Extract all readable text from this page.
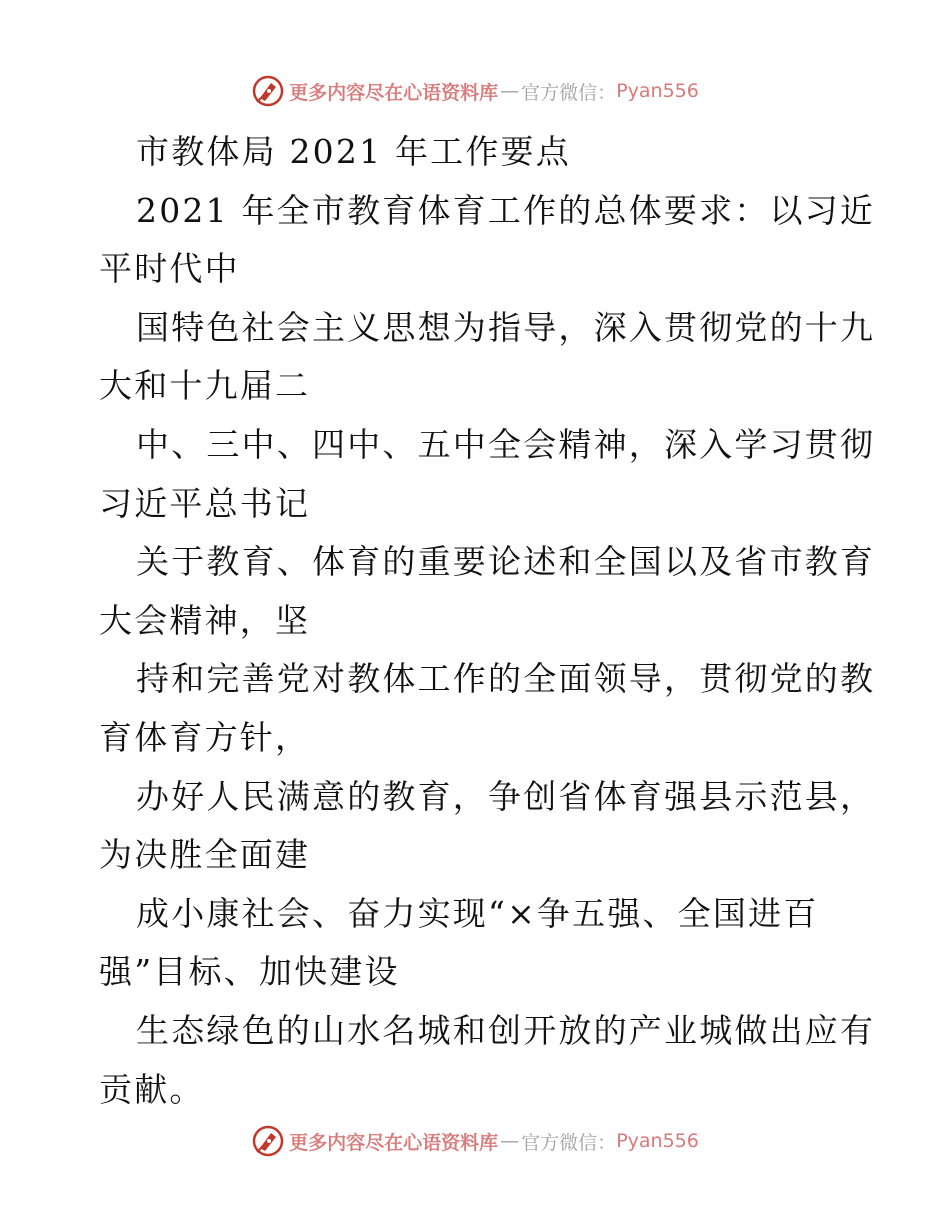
更多内容尽在心语资料库 — 官方微信： Pyan556
市教体局 2021 年工作要点
2021 年全市教育体育工作的总体要求：以习近
平时代中
国特色社会主义思想为指导，深入贯彻党的十九
大和十九届二
中、三中、四中、五中全会精神，深入学习贯彻
习近平总书记
关于教育、体育的重要论述和全国以及省市教育
大会精神，坚
持和完善党对教体工作的全面领导，贯彻党的教
育体育方针，
办好人民满意的教育，争创省体育强县示范县，
为决胜全面建
成小康社会、奋力实现“×争五强、全国进百
强”目标、加快建设
生态绿色的山水名城和创开放的产业城做出应有
贡献。
更多内容尽在心语资料库 — 官方微信： Pyan556
